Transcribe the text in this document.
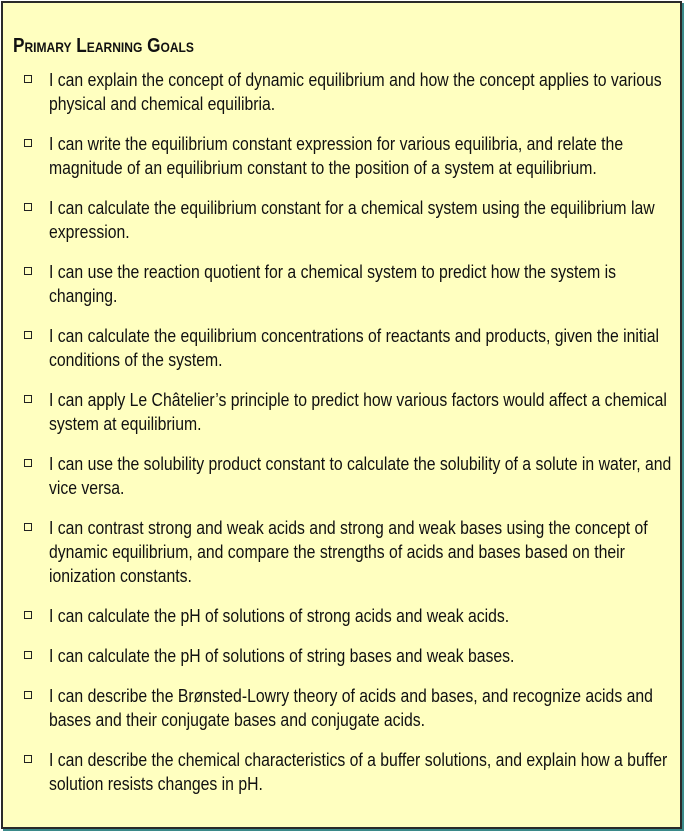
Primary Learning Goals
I can explain the concept of dynamic equilibrium and how the concept applies to various physical and chemical equilibria.
I can write the equilibrium constant expression for various equilibria, and relate the magnitude of an equilibrium constant to the position of a system at equilibrium.
I can calculate the equilibrium constant for a chemical system using the equilibrium law expression.
I can use the reaction quotient for a chemical system to predict how the system is changing.
I can calculate the equilibrium concentrations of reactants and products, given the initial conditions of the system.
I can apply Le Châtelier’s principle to predict how various factors would affect a chemical system at equilibrium.
I can use the solubility product constant to calculate the solubility of a solute in water, and vice versa.
I can contrast strong and weak acids and strong and weak bases using the concept of dynamic equilibrium, and compare the strengths of acids and bases based on their ionization constants.
I can calculate the pH of solutions of strong acids and weak acids.
I can calculate the pH of solutions of string bases and weak bases.
I can describe the Brønsted-Lowry theory of acids and bases, and recognize acids and bases and their conjugate bases and conjugate acids.
I can describe the chemical characteristics of a buffer solutions, and explain how a buffer solution resists changes in pH.
